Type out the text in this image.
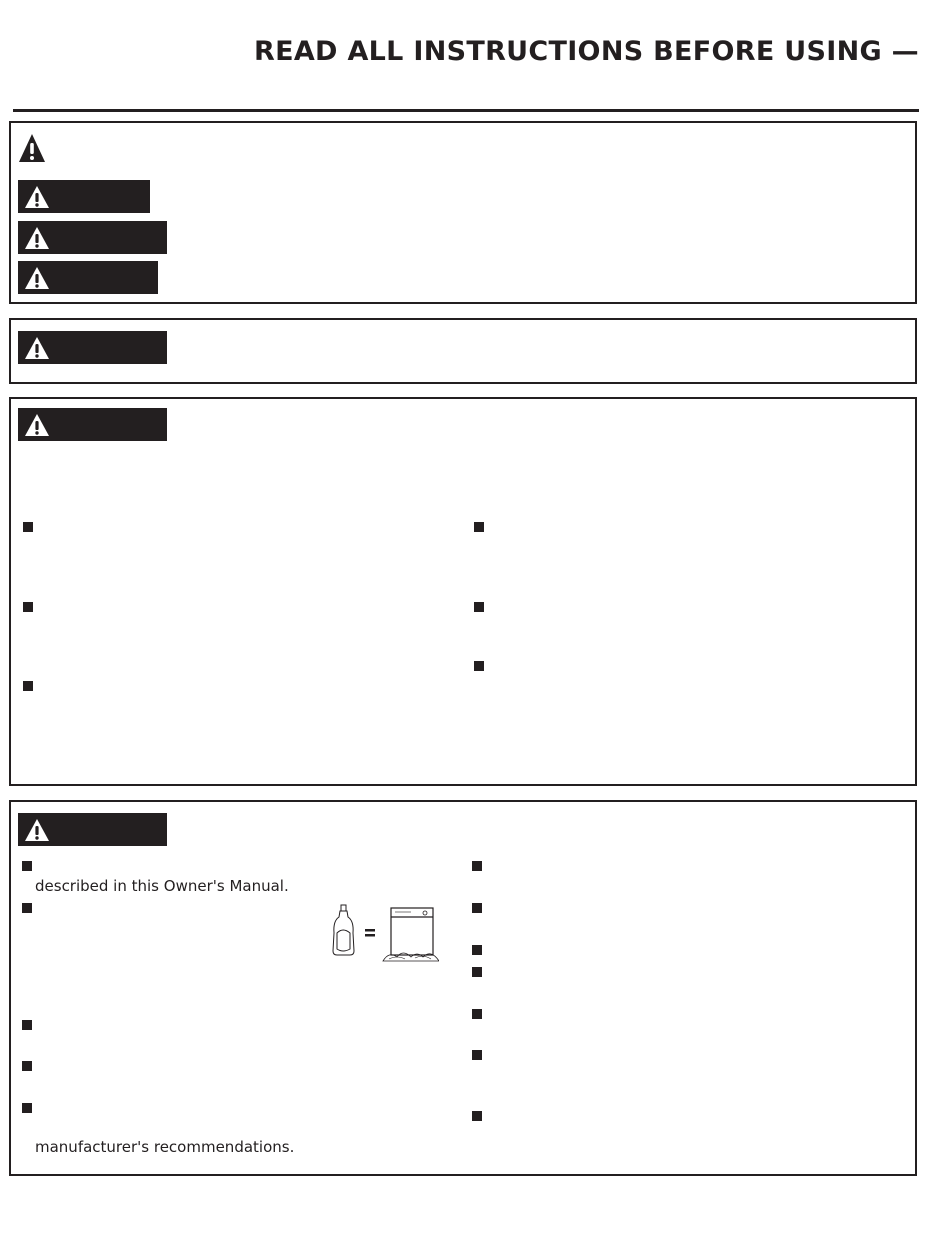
READ ALL INSTRUCTIONS BEFORE USING —
described in this Owner's Manual.
manufacturer's recommendations.
